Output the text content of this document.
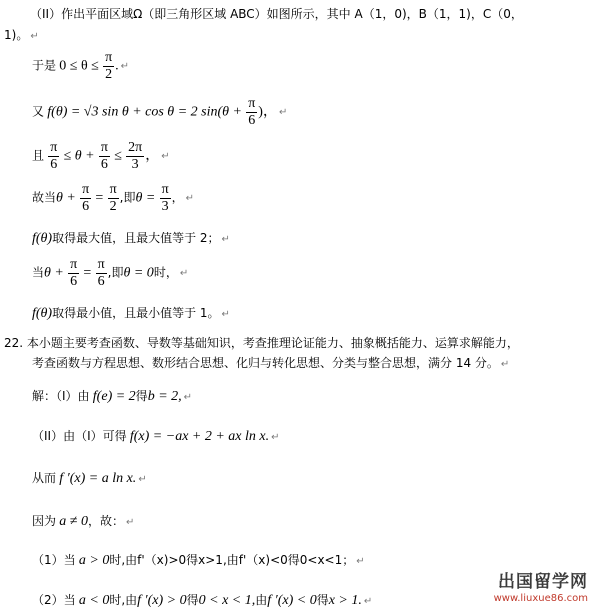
（II）作出平面区域Ω（即三角形区域 ABC）如图所示，其中 A（1，0)，B（1，1)，C（0，
1)。 ↵
于是 $0 \le \theta \le \frac{\pi}{2}$ . ↵
又 f(θ) = √3 sin θ + cos θ = 2 $\sin(\theta + \frac{\pi}{6}$ )， ↵
且 $\frac{\pi}{6} \le \theta + \frac{\pi}{6} \le \frac{2\pi}{3}$ ， ↵
故当$\theta + \frac{\pi}{6} = \frac{\pi}{2}$ ,即$\theta = \frac{\pi}{3}$ ， ↵
f(θ)取得最大值，且最大值等于 2； ↵
当$\theta + \frac{\pi}{6} = \frac{\pi}{6}$ ,即θ = 0时， ↵
f(θ)取得最小值，且最小值等于 1。 ↵
22. 本小题主要考查函数、导数等基础知识，考查推理论证能力、抽象概括能力、运算求解能力，
考查函数与方程思想、数形结合思想、化归与转化思想、分类与整合思想，满分 14 分。 ↵
解：（I）由 f(e) = 2得b = 2, ↵
（II）由（I）可得 f(x) = −ax + 2 + ax ln x. ↵
从而 f ′(x) = a ln x. ↵
因为 a ≠ 0，故： ↵
（1）当 a > 0时,由f'（x)>0得x>1,由f'（x)<0得0<x<1； ↵
（2）当 a < 0时,由f ′(x) > 0得0 < x < 1,由f ′(x) < 0得x > 1. ↵
出国留学网
www.liuxue86.com
